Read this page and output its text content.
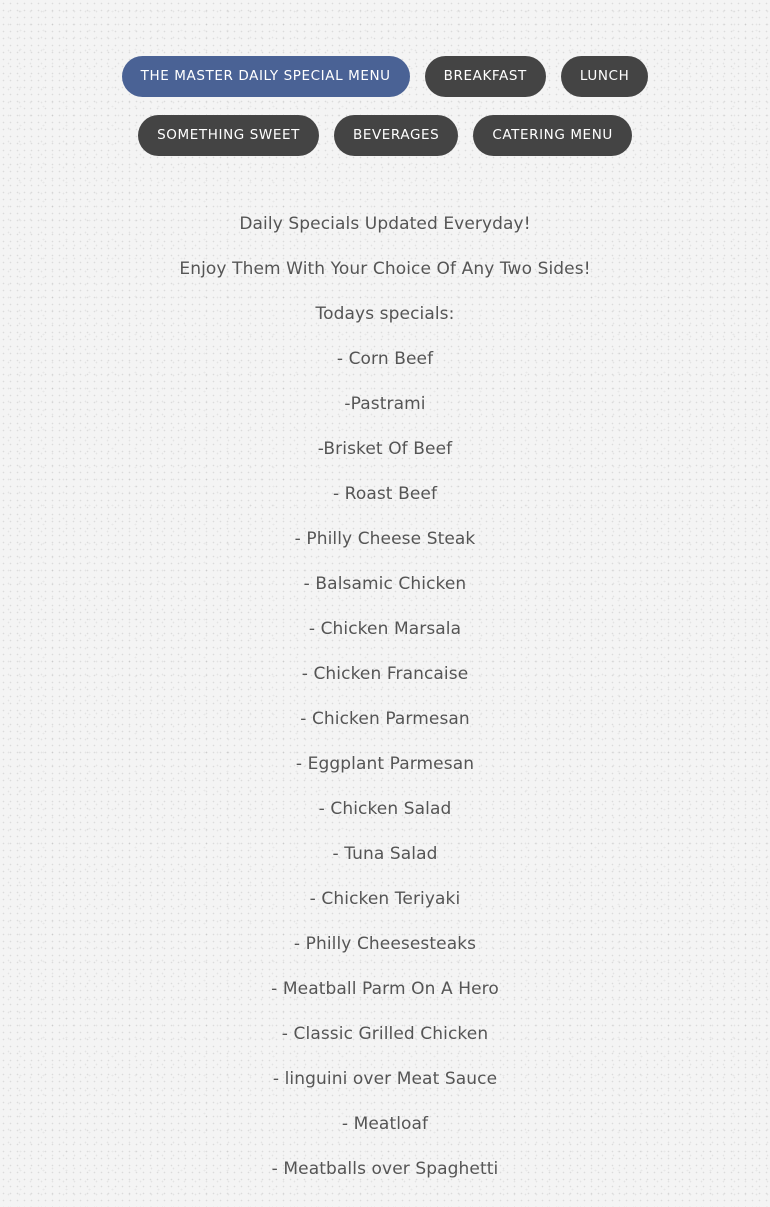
THE MASTER DAILY SPECIAL MENU	BREAKFAST	LUNCH
SOMETHING SWEET	BEVERAGES	CATERING MENU

Daily Specials Updated Everyday!

Enjoy Them With Your Choice Of Any Two Sides!

Todays specials:

- Corn Beef

-Pastrami

-Brisket Of Beef

- Roast Beef

- Philly Cheese Steak

- Balsamic Chicken

- Chicken Marsala

- Chicken Francaise

- Chicken Parmesan

- Eggplant Parmesan

- Chicken Salad

- Tuna Salad

- Chicken Teriyaki

- Philly Cheesesteaks

- Meatball Parm On A Hero

- Classic Grilled Chicken

- linguini over Meat Sauce

- Meatloaf

- Meatballs over Spaghetti
